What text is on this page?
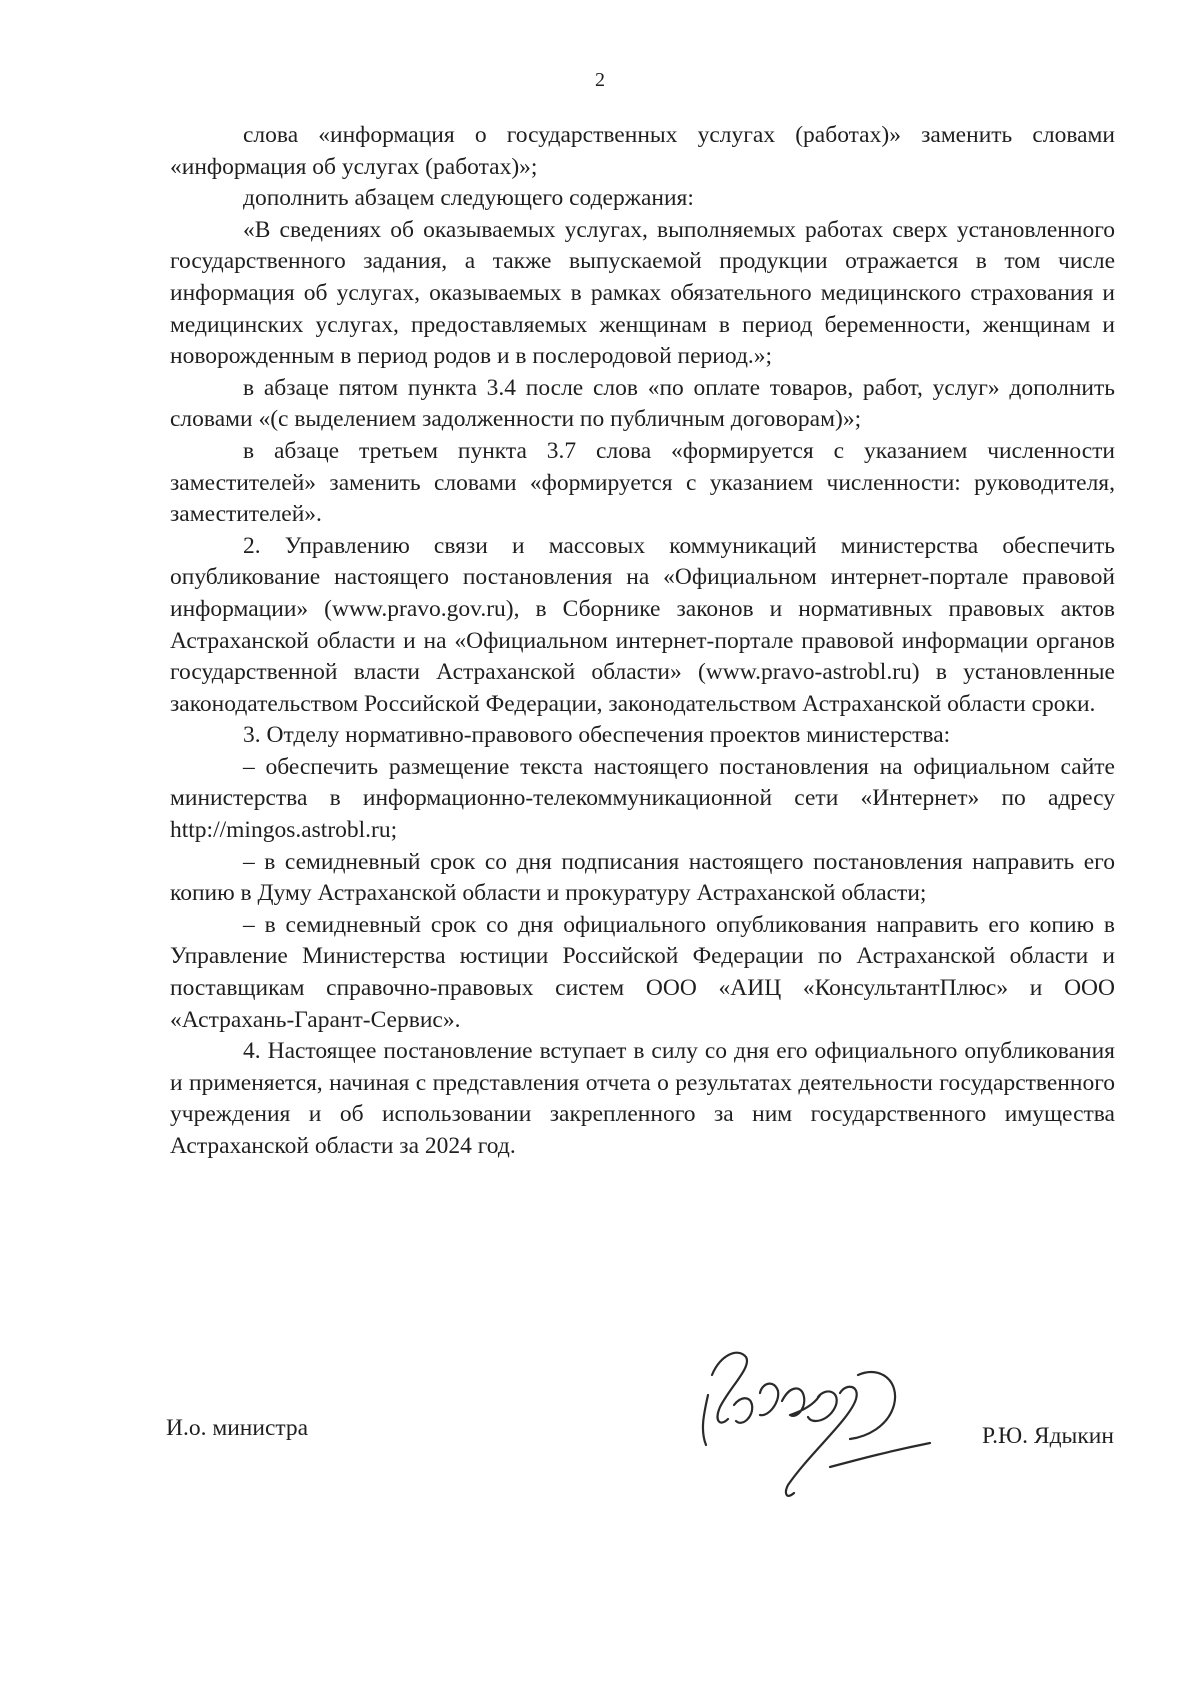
2

слова «информация о государственных услугах (работах)» заменить словами «информация об услугах (работах)»;

дополнить абзацем следующего содержания:

«В сведениях об оказываемых услугах, выполняемых работах сверх установленного государственного задания, а также выпускаемой продукции отражается в том числе информация об услугах, оказываемых в рамках обязательного медицинского страхования и медицинских услугах, предоставляемых женщинам в период беременности, женщинам и новорожденным в период родов и в послеродовой период.»;

в абзаце пятом пункта 3.4 после слов «по оплате товаров, работ, услуг» дополнить словами «(с выделением задолженности по публичным договорам)»;

в абзаце третьем пункта 3.7 слова «формируется с указанием численности заместителей» заменить словами «формируется с указанием численности: руководителя, заместителей».

2. Управлению связи и массовых коммуникаций министерства обеспечить опубликование настоящего постановления на «Официальном интернет-портале правовой информации» (www.pravo.gov.ru), в Сборнике законов и нормативных правовых актов Астраханской области и на «Официальном интернет-портале правовой информации органов государственной власти Астраханской области» (www.pravo-astrobl.ru) в установленные законодательством Российской Федерации, законодательством Астраханской области сроки.

3. Отделу нормативно-правового обеспечения проектов министерства:

– обеспечить размещение текста настоящего постановления на официальном сайте министерства в информационно-телекоммуникационной сети «Интернет» по адресу http://mingos.astrobl.ru;

– в семидневный срок со дня подписания настоящего постановления направить его копию в Думу Астраханской области и прокуратуру Астраханской области;

– в семидневный срок со дня официального опубликования направить его копию в Управление Министерства юстиции Российской Федерации по Астраханской области и поставщикам справочно-правовых систем ООО «АИЦ «КонсультантПлюс» и ООО «Астрахань-Гарант-Сервис».

4. Настоящее постановление вступает в силу со дня его официального опубликования и применяется, начиная с представления отчета о результатах деятельности государственного учреждения и об использовании закрепленного за ним государственного имущества Астраханской области за 2024 год.

И.о. министра	Р.Ю. Ядыкин
